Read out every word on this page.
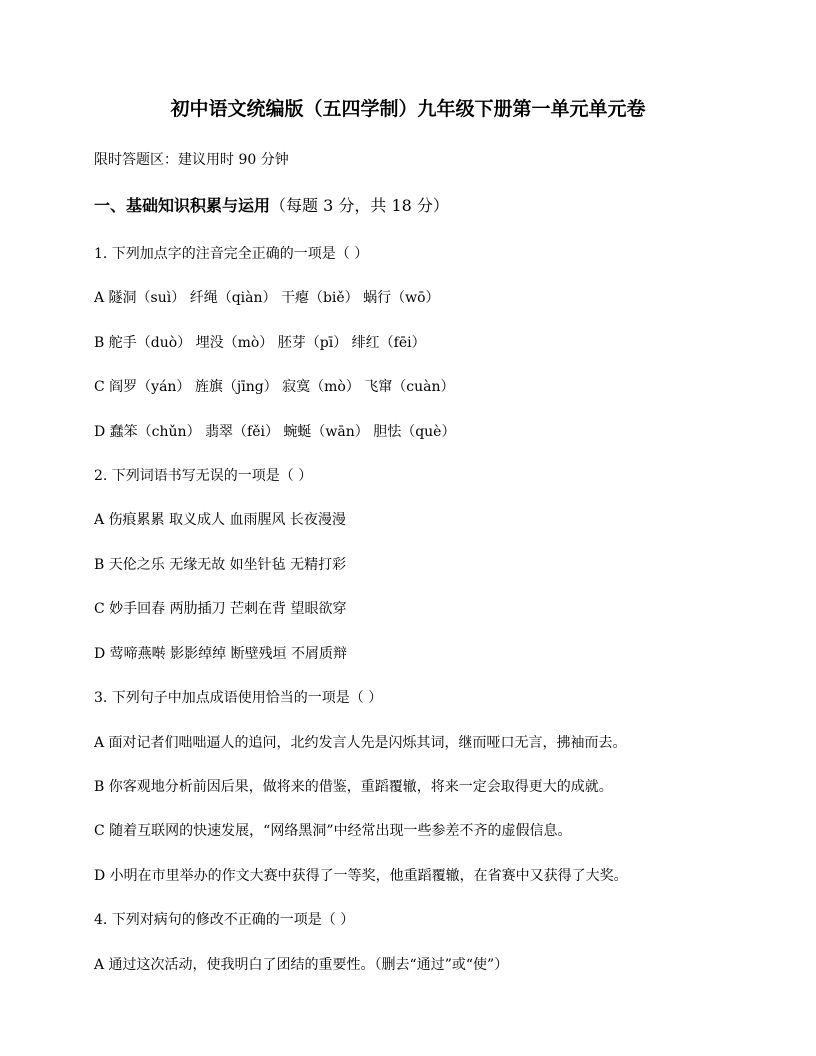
初中语文统编版（五四学制）九年级下册第一单元单元卷
限时答题区：建议用时 90 分钟
一、基础知识积累与运用（每题 3 分，共 18 分）
1. 下列加点字的注音完全正确的一项是（ ）
A 隧洞（suì） 纤绳（qiàn） 干瘪（biě） 蜗行（wō）
B 舵手（duò） 埋没（mò） 胚芽（pī） 绯红（fēi）
C 阎罗（yán） 旌旗（jīng） 寂寞（mò） 飞窜（cuàn）
D 蠢笨（chǔn） 翡翠（fěi） 蜿蜒（wān） 胆怯（què）
2. 下列词语书写无误的一项是（ ）
A 伤痕累累 取义成人 血雨腥风 长夜漫漫
B 天伦之乐 无缘无故 如坐针毡 无精打彩
C 妙手回春 两肋插刀 芒刺在背 望眼欲穿
D 莺啼燕啭 影影绰绰 断壁残垣 不屑质辩
3. 下列句子中加点成语使用恰当的一项是（ ）
A 面对记者们咄咄逼人的追问，北约发言人先是闪烁其词，继而哑口无言，拂袖而去。
B 你客观地分析前因后果，做将来的借鉴，重蹈覆辙，将来一定会取得更大的成就。
C 随着互联网的快速发展，“网络黑洞”中经常出现一些参差不齐的虚假信息。
D 小明在市里举办的作文大赛中获得了一等奖，他重蹈覆辙，在省赛中又获得了大奖。
4. 下列对病句的修改不正确的一项是（ ）
A 通过这次活动，使我明白了团结的重要性。（删去“通过”或“使”）
